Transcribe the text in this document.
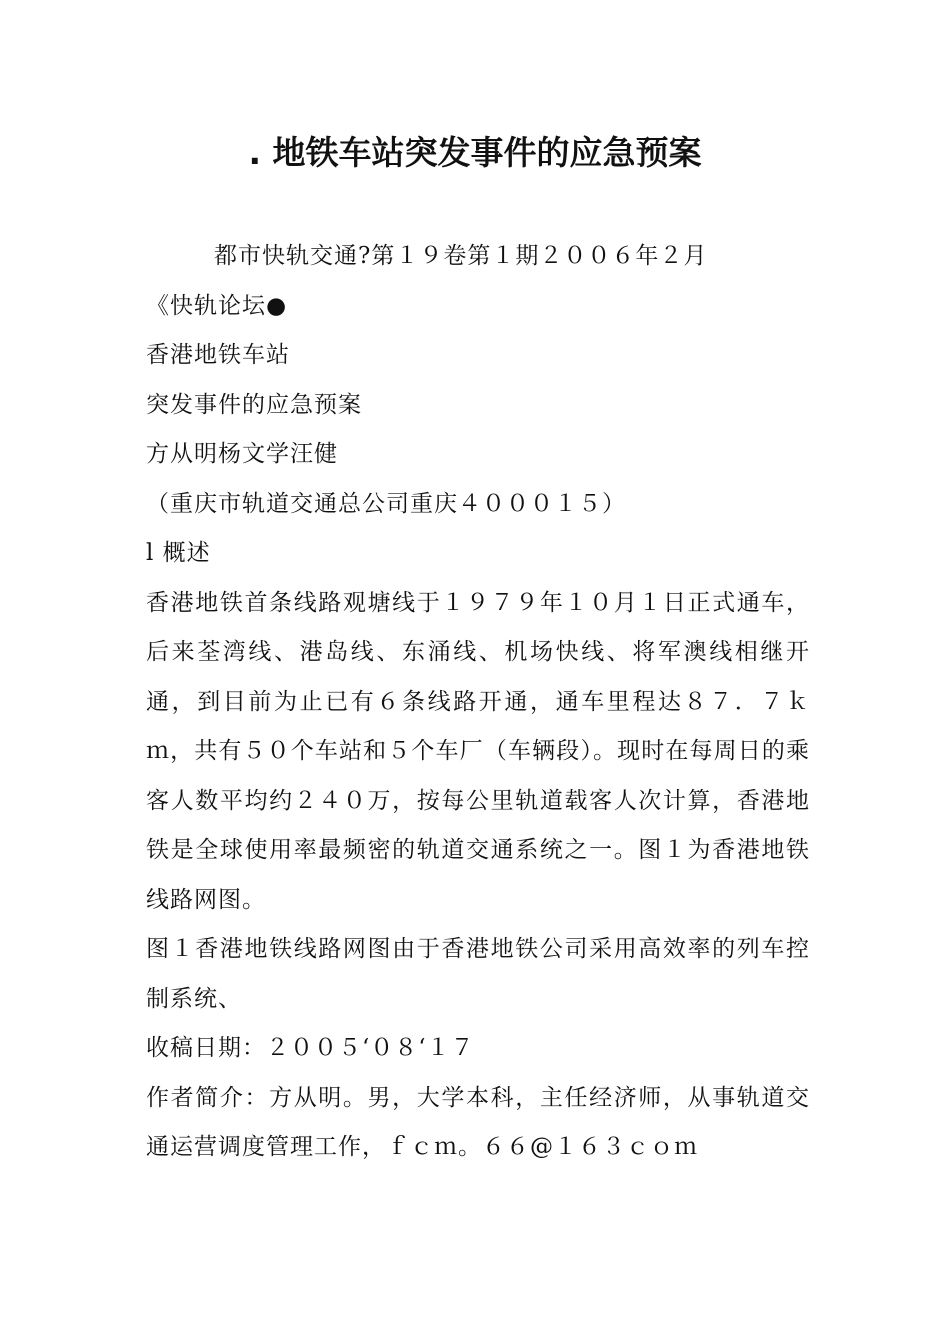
. 地铁车站突发事件的应急预案

都市快轨交通?第１９卷第１期２００６年２月

《快轨论坛●

香港地铁车站

突发事件的应急预案

方从明杨文学汪健

（重庆市轨道交通总公司重庆４０００１５）

l 概述

香港地铁首条线路观塘线于１９７９年１０月１日正式通车，后来荃湾线、港岛线、东涌线、机场快线、将军澳线相继开通，到目前为止已有６条线路开通，通车里程达８７．７ｋｍ，共有５０个车站和５个车厂（车辆段）。现时在每周日的乘客人数平均约２４０万，按每公里轨道载客人次计算，香港地铁是全球使用率最频密的轨道交通系统之一。图１为香港地铁线路网图。

图１香港地铁线路网图由于香港地铁公司采用高效率的列车控制系统、

收稿日期：２００５‘０８‘１７

作者简介：方从明。男，大学本科，主任经济师，从事轨道交通运营调度管理工作，ｆｃｍ。６６@１６３ｃｏｍ
